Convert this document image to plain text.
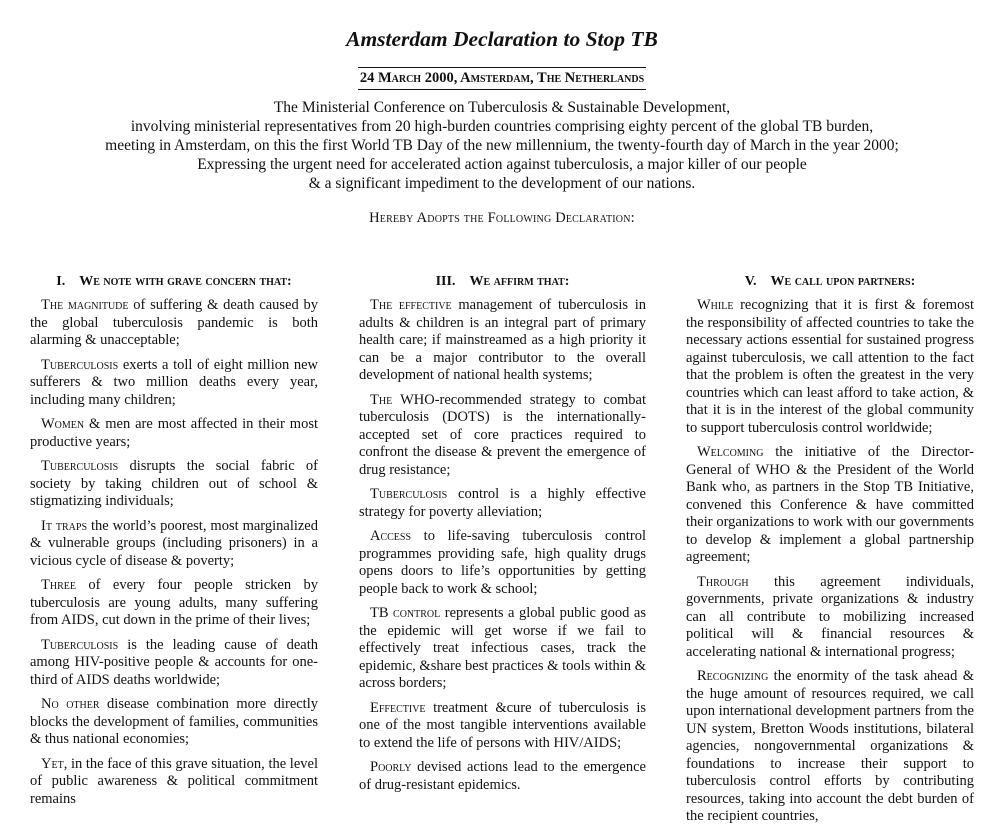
Amsterdam Declaration to Stop TB
24 March 2000, Amsterdam, The Netherlands
The Ministerial Conference on Tuberculosis & Sustainable Development,
involving ministerial representatives from 20 high-burden countries comprising eighty percent of the global TB burden,
meeting in Amsterdam, on this the first World TB Day of the new millennium, the twenty-fourth day of March in the year 2000;
Expressing the urgent need for accelerated action against tuberculosis, a major killer of our people
& a significant impediment to the development of our nations.
Hereby Adopts the Following Declaration:
I. We note with grave concern that:

The magnitude of suffering & death caused by the global tuberculosis pandemic is both alarming & unacceptable;

Tuberculosis exerts a toll of eight million new sufferers & two million deaths every year, including many children;

Women & men are most affected in their most productive years;

Tuberculosis disrupts the social fabric of society by taking children out of school & stigmatizing individuals;

It traps the world’s poorest, most marginalized & vulnerable groups (including prisoners) in a vicious cycle of disease & poverty;

Three of every four people stricken by tuberculosis are young adults, many suffering from AIDS, cut down in the prime of their lives;

Tuberculosis is the leading cause of death among HIV-positive people & accounts for one-third of AIDS deaths worldwide;

No other disease combination more directly blocks the development of families, communities & thus national economies;

Yet, in the face of this grave situation, the level of public awareness & political commitment remains

III. We affirm that:

The effective management of tuberculosis in adults & children is an integral part of primary health care; if mainstreamed as a high priority it can be a major contributor to the overall development of national health systems;

The WHO-recommended strategy to combat tuberculosis (DOTS) is the internationally-accepted set of core practices required to confront the disease & prevent the emergence of drug resistance;

Tuberculosis control is a highly effective strategy for poverty alleviation;

Access to life-saving tuberculosis control programmes providing safe, high quality drugs opens doors to life’s opportunities by getting people back to work & school;

TB control represents a global public good as the epidemic will get worse if we fail to effectively treat infectious cases, track the epidemic, &share best practices & tools within & across borders;

Effective treatment &cure of tuberculosis is one of the most tangible interventions available to extend the life of persons with HIV/AIDS;

Poorly devised actions lead to the emergence of drug-resistant epidemics.

V. We call upon partners:

While recognizing that it is first & foremost the responsibility of affected countries to take the necessary actions essential for sustained progress against tuberculosis, we call attention to the fact that the problem is often the greatest in the very countries which can least afford to take action, & that it is in the interest of the global community to support tuberculosis control worldwide;

Welcoming the initiative of the Director-General of WHO & the President of the World Bank who, as partners in the Stop TB Initiative, convened this Conference & have committed their organizations to work with our governments to develop & implement a global partnership agreement;

Through this agreement individuals, governments, private organizations & industry can all contribute to mobilizing increased political will & financial resources & accelerating national & international progress;

Recognizing the enormity of the task ahead & the huge amount of resources required, we call upon international development partners from the UN system, Bretton Woods institutions, bilateral agencies, nongovernmental organizations & foundations to increase their support to tuberculosis control efforts by contributing resources, taking into account the debt burden of the recipient countries,
